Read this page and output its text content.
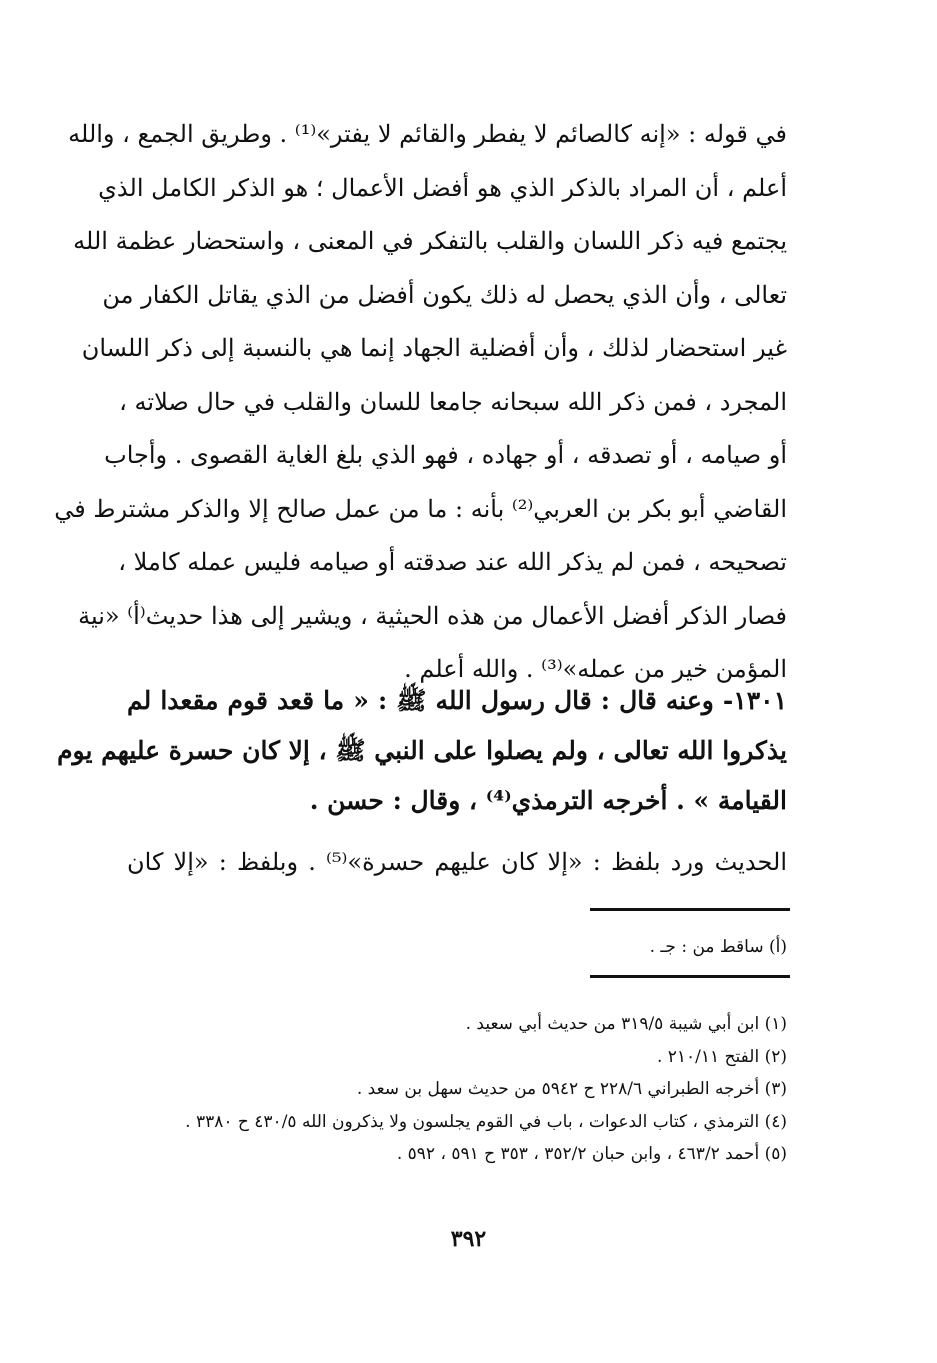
في قوله : «إنه كالصائم لا يفطر والقائم لا يفتر»⁽¹⁾ . وطريق الجمع ، والله
أعلم ، أن المراد بالذكر الذي هو أفضل الأعمال ؛ هو الذكر الكامل الذي
يجتمع فيه ذكر اللسان والقلب بالتفكر في المعنى ، واستحضار عظمة الله
تعالى ، وأن الذي يحصل له ذلك يكون أفضل من الذي يقاتل الكفار من
غير استحضار لذلك ، وأن أفضلية الجهاد إنما هي بالنسبة إلى ذكر اللسان
المجرد ، فمن ذكر الله سبحانه جامعا للسان والقلب في حال صلاته ،
أو صيامه ، أو تصدقه ، أو جهاده ، فهو الذي بلغ الغاية القصوى . وأجاب
القاضي أبو بكر بن العربي⁽²⁾ بأنه : ما من عمل صالح إلا والذكر مشترط في
تصحيحه ، فمن لم يذكر الله عند صدقته أو صيامه فليس عمله كاملا ،
فصار الذكر أفضل الأعمال من هذه الحيثية ، ويشير إلى هذا حديث⁽أ⁾ «نية
المؤمن خير من عمله»⁽³⁾ . والله أعلم .
١٣٠١- وعنه قال : قال رسول الله ﷺ : « ما قعد قوم مقعدا لم
يذكروا الله تعالى ، ولم يصلوا على النبي ﷺ ، إلا كان حسرة عليهم يوم
القيامة » . أخرجه الترمذي⁽⁴⁾ ، وقال : حسن .
الحديث ورد بلفظ : «إلا كان عليهم حسرة»⁽⁵⁾ . وبلفظ : «إلا كان
(أ) ساقط من : جـ .
(١) ابن أبي شيبة ٣١٩/٥ من حديث أبي سعيد .
(٢) الفتح ٢١٠/١١ .
(٣) أخرجه الطبراني ٢٢٨/٦ ح ٥٩٤٢ من حديث سهل بن سعد .
(٤) الترمذي ، كتاب الدعوات ، باب في القوم يجلسون ولا يذكرون الله ٤٣٠/٥ ح ٣٣٨٠ .
(٥) أحمد ٤٦٣/٢ ، وابن حبان ٣٥٢/٢ ، ٣٥٣ ح ٥٩١ ، ٥٩٢ .
٣٩٢
